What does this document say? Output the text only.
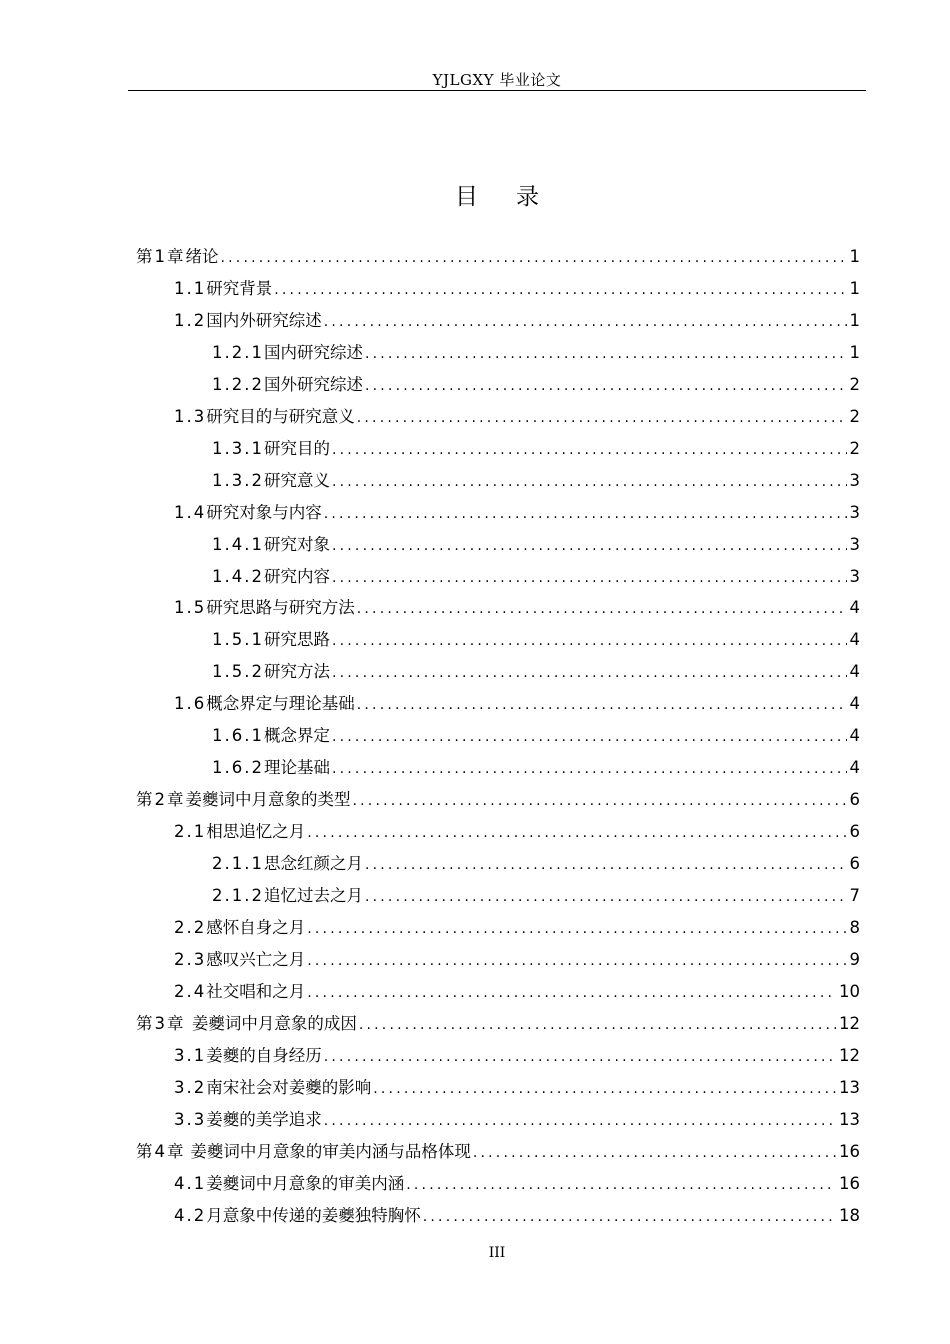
YJLGXY 毕业论文
目录
第1章 绪论 .....	1
1.1 研究背景 .....	1
1.2 国内外研究综述 .....	1
1.2.1 国内研究综述 .....	1
1.2.2 国外研究综述 .....	2
1.3 研究目的与研究意义 .....	2
1.3.1 研究目的 .....	2
1.3.2 研究意义 .....	3
1.4 研究对象与内容 .....	3
1.4.1 研究对象 .....	3
1.4.2 研究内容 .....	3
1.5 研究思路与研究方法 .....	4
1.5.1 研究思路 .....	4
1.5.2 研究方法 .....	4
1.6 概念界定与理论基础 .....	4
1.6.1 概念界定 .....	4
1.6.2 理论基础 .....	4
第2章 姜夔词中月意象的类型 .....	6
2.1 相思追忆之月 .....	6
2.1.1 思念红颜之月 .....	6
2.1.2 追忆过去之月 .....	7
2.2 感怀自身之月 .....	8
2.3 感叹兴亡之月 .....	9
2.4 社交唱和之月 .....	10
第3章 姜夔词中月意象的成因 .....	12
3.1 姜夔的自身经历 .....	12
3.2 南宋社会对姜夔的影响 .....	13
3.3 姜夔的美学追求 .....	13
第4章 姜夔词中月意象的审美内涵与品格体现 .....	16
4.1 姜夔词中月意象的审美内涵 .....	16
4.2 月意象中传递的姜夔独特胸怀 .....	18
III
